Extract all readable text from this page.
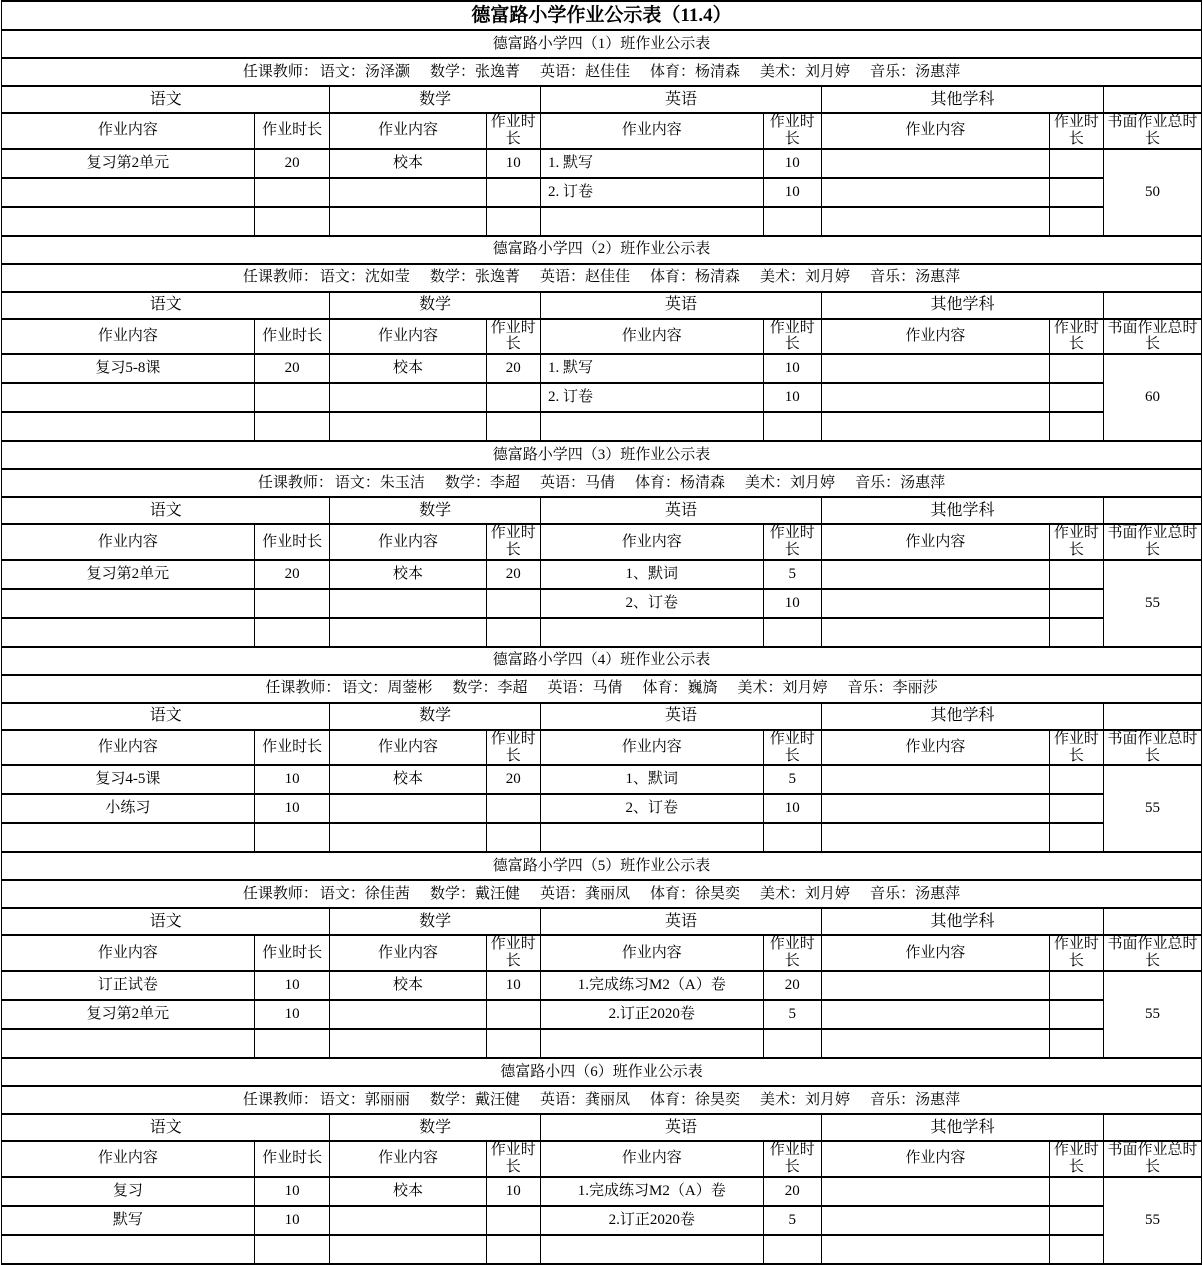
德富路小学作业公示表（11.4）								
德富路小学四（1）班作业公示表								
任课教师： 语文：汤泽灏 数学：张逸菁 英语：赵佳佳 体育：杨清森 美术：刘月婷 音乐：汤惠萍								
语文		数学		英语		其他学科		
作业内容	作业时长	作业内容	作业时长	作业内容	作业时长	作业内容	作业时长	书面作业总时长
复习第2单元	20	校本	10	1. 默写	10			50
				2. 订卷	10			

德富路小学四（2）班作业公示表								
任课教师： 语文：沈如莹 数学：张逸菁 英语：赵佳佳 体育：杨清森 美术：刘月婷 音乐：汤惠萍								
语文		数学		英语		其他学科		
作业内容	作业时长	作业内容	作业时长	作业内容	作业时长	作业内容	作业时长	书面作业总时长
复习5-8课	20	校本	20	1. 默写	10			60
				2. 订卷	10			

德富路小学四（3）班作业公示表								
任课教师： 语文：朱玉洁 数学：李超 英语：马倩 体育：杨清森 美术：刘月婷 音乐：汤惠萍								
语文		数学		英语		其他学科		
作业内容	作业时长	作业内容	作业时长	作业内容	作业时长	作业内容	作业时长	书面作业总时长
复习第2单元	20	校本	20	1、默词	5			55
				2、订卷	10			

德富路小学四（4）班作业公示表								
任课教师： 语文：周蓥彬 数学：李超 英语：马倩 体育：巍旖 美术：刘月婷 音乐：李丽莎								
语文		数学		英语		其他学科		
作业内容	作业时长	作业内容	作业时长	作业内容	作业时长	作业内容	作业时长	书面作业总时长
复习4-5课	10	校本	20	1、默词	5			55
小练习	10			2、订卷	10			

德富路小学四（5）班作业公示表								
任课教师： 语文：徐佳茜 数学：戴汪健 英语：龚丽凤 体育：徐昊奕 美术：刘月婷 音乐：汤惠萍								
语文		数学		英语		其他学科		
作业内容	作业时长	作业内容	作业时长	作业内容	作业时长	作业内容	作业时长	书面作业总时长
订正试卷	10	校本	10	1.完成练习M2（A）卷	20			55
复习第2单元	10			2.订正2020卷	5			

德富路小四（6）班作业公示表								
任课教师： 语文：郭丽丽 数学：戴汪健 英语：龚丽凤 体育：徐昊奕 美术：刘月婷 音乐：汤惠萍								
语文		数学		英语		其他学科		
作业内容	作业时长	作业内容	作业时长	作业内容	作业时长	作业内容	作业时长	书面作业总时长
复习	10	校本	10	1.完成练习M2（A）卷	20			55
默写	10			2.订正2020卷	5			
